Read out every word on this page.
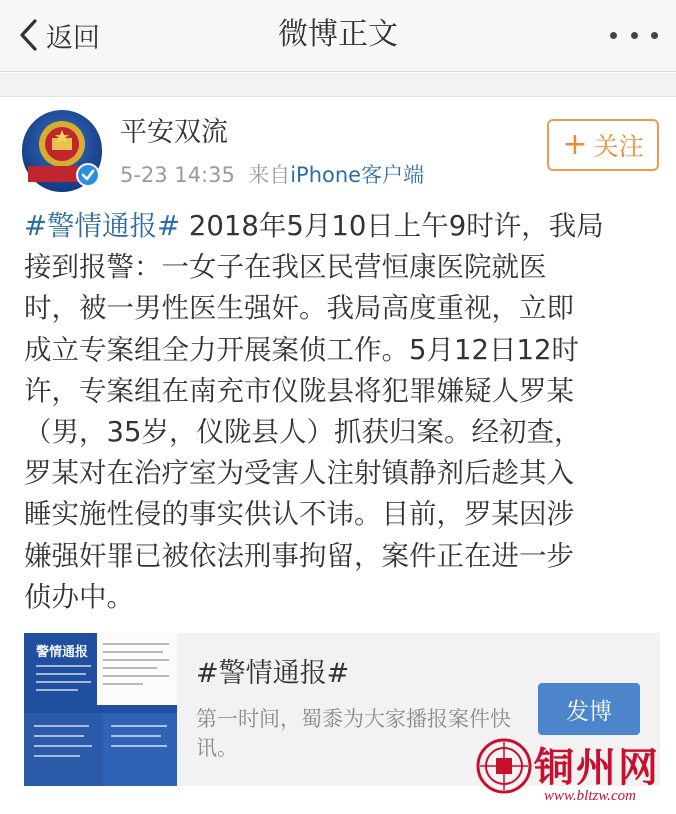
返回	微博正文
平安双流
5-23 14:35 来自iPhone客户端
+ 关注
#警情通报# 2018年5月10日上午9时许，我局
接到报警：一女子在我区民营恒康医院就医
时，被一男性医生强奸。我局高度重视，立即
成立专案组全力开展案侦工作。5月12日12时
许，专案组在南充市仪陇县将犯罪嫌疑人罗某
（男，35岁，仪陇县人）抓获归案。经初查，
罗某对在治疗室为受害人注射镇静剂后趁其入
睡实施性侵的事实供认不讳。目前，罗某因涉
嫌强奸罪已被依法刑事拘留，案件正在进一步
侦办中。
警情通报
#警情通报#
第一时间，蜀黍为大家播报案件快讯。
发博
铜州网
www.bltzw.com
